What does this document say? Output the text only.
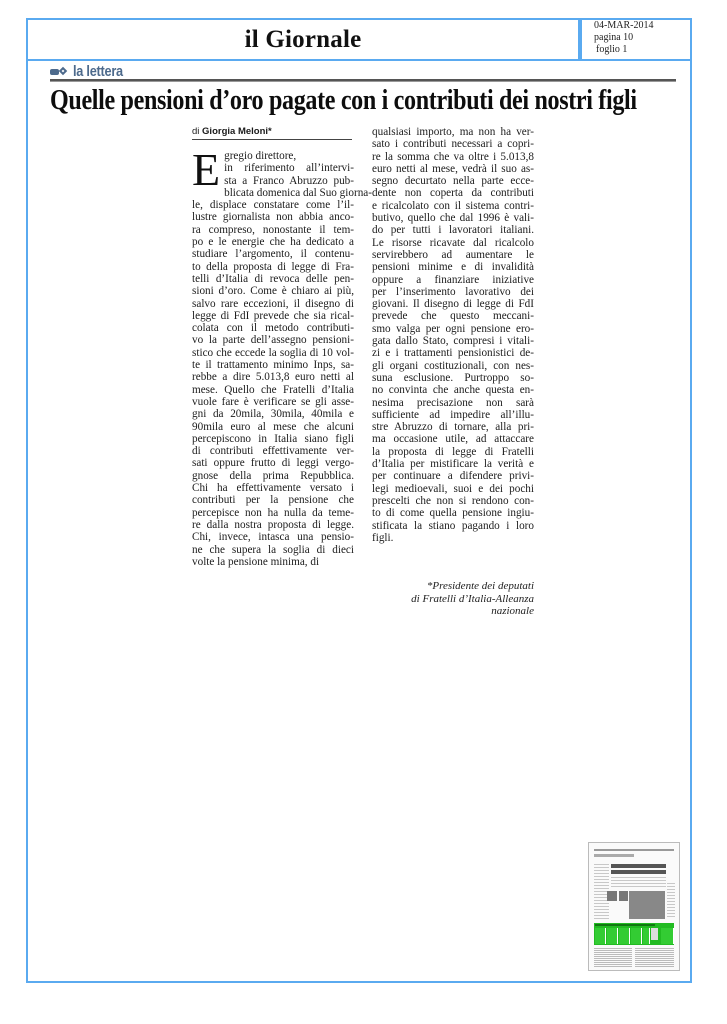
il Giornale	04-MAR-2014
pagina 10
foglio 1
la lettera
Quelle pensioni d’oro pagate con i contributi dei nostri figli
di Giorgia Meloni*
E gregio direttore,
in riferimento all’intervi-
sta a Franco Abruzzo pub-
blicata domenica dal Suo giorna-
le, displace constatare come l’il-
lustre giornalista non abbia anco-
ra compreso, nonostante il tem-
po e le energie che ha dedicato a
studiare l’argomento, il contenu-
to della proposta di legge di Fra-
telli d’Italia di revoca delle pen-
sioni d’oro. Come è chiaro ai più,
salvo rare eccezioni, il disegno di
legge di FdI prevede che sia rical-
colata con il metodo contributi-
vo la parte dell’assegno pensioni-
stico che eccede la soglia di 10 vol-
te il trattamento minimo Inps, sa-
rebbe a dire 5.013,8 euro netti al
mese. Quello che Fratelli d’Italia
vuole fare è verificare se gli asse-
gni da 20mila, 30mila, 40mila e
90mila euro al mese che alcuni
percepiscono in Italia siano figli
di contributi effettivamente ver-
sati oppure frutto di leggi vergo-
gnose della prima Repubblica.
Chi ha effettivamente versato i
contributi per la pensione che
percepisce non ha nulla da teme-
re dalla nostra proposta di legge.
Chi, invece, intasca una pensio-
ne che supera la soglia di dieci
volte la pensione minima, di
qualsiasi importo, ma non ha ver-
sato i contributi necessari a copri-
re la somma che va oltre i 5.013,8
euro netti al mese, vedrà il suo as-
segno decurtato nella parte ecce-
dente non coperta da contributi
e ricalcolato con il sistema contri-
butivo, quello che dal 1996 è vali-
do per tutti i lavoratori italiani.
Le risorse ricavate dal ricalcolo
servirebbero ad aumentare le
pensioni minime e di invalidità
oppure a finanziare iniziative
per l’inserimento lavorativo dei
giovani. Il disegno di legge di FdI
prevede che questo meccani-
smo valga per ogni pensione ero-
gata dallo Stato, compresi i vitali-
zi e i trattamenti pensionistici de-
gli organi costituzionali, con nes-
suna esclusione. Purtroppo so-
no convinta che anche questa en-
nesima precisazione non sarà
sufficiente ad impedire all’illu-
stre Abruzzo di tornare, alla pri-
ma occasione utile, ad attaccare
la proposta di legge di Fratelli
d’Italia per mistificare la verità e
per continuare a difendere privi-
legi medioevali, suoi e dei pochi
prescelti che non si rendono con-
to di come quella pensione ingiu-
stificata la stiano pagando i loro
figli.
*Presidente dei deputati
di Fratelli d’Italia-Alleanza
nazionale
